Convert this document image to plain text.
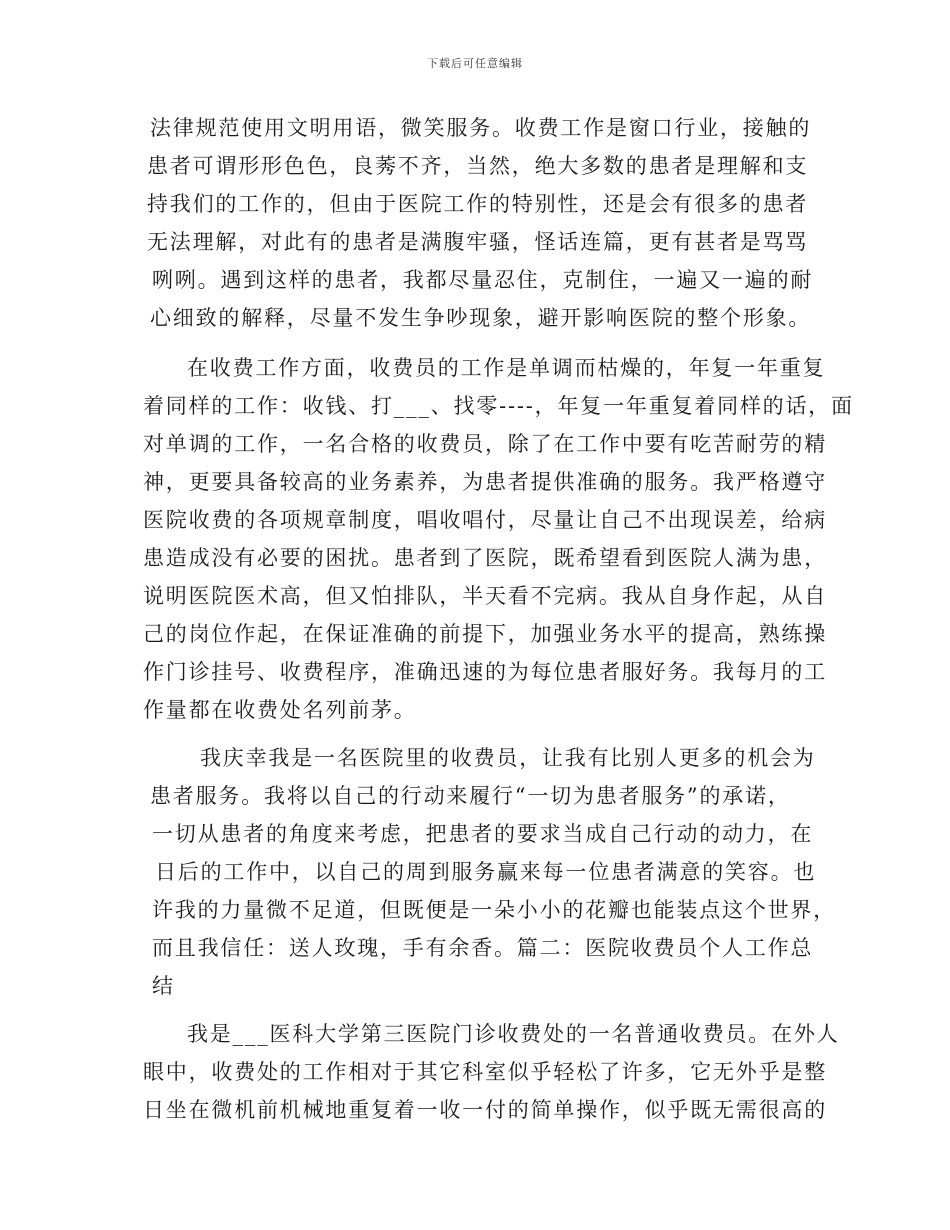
下载后可任意编辑
法律规范使用文明用语，微笑服务。收费工作是窗口行业，接触的
患者可谓形形色色，良莠不齐，当然，绝大多数的患者是理解和支
持我们的工作的，但由于医院工作的特别性，还是会有很多的患者
无法理解，对此有的患者是满腹牢骚，怪话连篇，更有甚者是骂骂
咧咧。遇到这样的患者，我都尽量忍住，克制住，一遍又一遍的耐
心细致的解释，尽量不发生争吵现象，避开影响医院的整个形象。
在收费工作方面，收费员的工作是单调而枯燥的，年复一年重复
着同样的工作：收钱、打___、找零----，年复一年重复着同样的话，面
对单调的工作，一名合格的收费员，除了在工作中要有吃苦耐劳的精
神，更要具备较高的业务素养，为患者提供准确的服务。我严格遵守
医院收费的各项规章制度，唱收唱付，尽量让自己不出现误差，给病
患造成没有必要的困扰。患者到了医院，既希望看到医院人满为患，
说明医院医术高，但又怕排队，半天看不完病。我从自身作起，从自
己的岗位作起，在保证准确的前提下，加强业务水平的提高，熟练操
作门诊挂号、收费程序，准确迅速的为每位患者服好务。我每月的工
作量都在收费处名列前茅。
我庆幸我是一名医院里的收费员，让我有比别人更多的机会为
患者服务。我将以自己的行动来履行“一切为患者服务”的承诺，
一切从患者的角度来考虑，把患者的要求当成自己行动的动力，在
日后的工作中，以自己的周到服务赢来每一位患者满意的笑容。也
许我的力量微不足道，但既便是一朵小小的花瓣也能装点这个世界，
而且我信任：送人玫瑰，手有余香。篇二：医院收费员个人工作总
结
我是___医科大学第三医院门诊收费处的一名普通收费员。在外人
眼中，收费处的工作相对于其它科室似乎轻松了许多，它无外乎是整
日坐在微机前机械地重复着一收一付的简单操作，似乎既无需很高的
